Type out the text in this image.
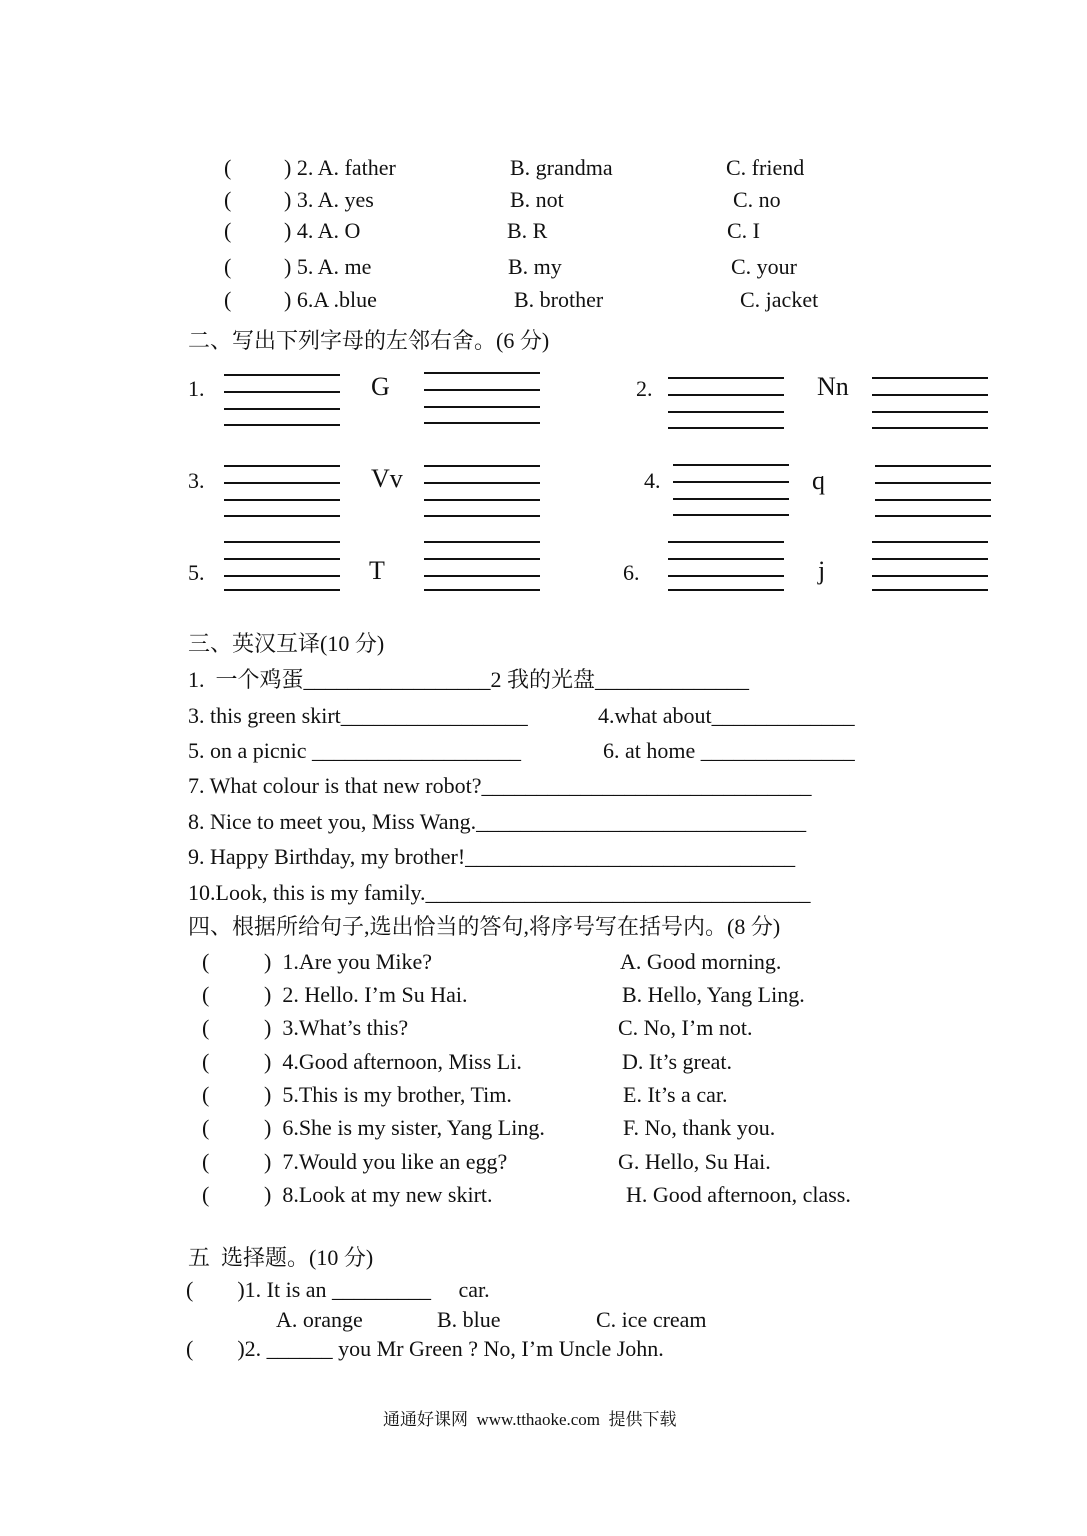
( ) 2. A. father	B. grandma	C. friend
( ) 3. A. yes	B. not	C. no
( ) 4. A. O	B. R	C. I
( ) 5. A. me	B. my	C. your
( ) 6.A .blue	B. brother	C. jacket
二、写出下列字母的左邻右舍。(6 分)
1.	G	2.	Nn
3.	Vv	4.	q
5.	T	6.	j
三、英汉互译(10 分)
1.  一个鸡蛋_________________2 我的光盘______________
3. this green skirt_________________	4.what about_____________
5. on a picnic ___________________	6. at home ______________
7. What colour is that new robot?______________________________
8. Nice to meet you, Miss Wang.______________________________
9. Happy Birthday, my brother!______________________________
10.Look, this is my family.___________________________________
四、根据所给句子,选出恰当的答句,将序号写在括号内。(8 分)
( )  1.Are you Mike?	A. Good morning.
( )  2. Hello. I’m Su Hai.	B. Hello, Yang Ling.
( )  3.What’s this?	C. No, I’m not.
( )  4.Good afternoon, Miss Li.	D. It’s great.
( )  5.This is my brother, Tim.	E. It’s a car.
( )  6.She is my sister, Yang Ling.	F. No, thank you.
( )  7.Would you like an egg?	G. Hello, Su Hai.
( )  8.Look at my new skirt.	H. Good afternoon, class.
五  选择题。(10 分)
(        )1. It is an _________     car.
A. orange	B. blue	C. ice cream
(        )2. ______ you Mr Green ? No, I’m Uncle John.
通通好课网  www.tthaoke.com  提供下载
